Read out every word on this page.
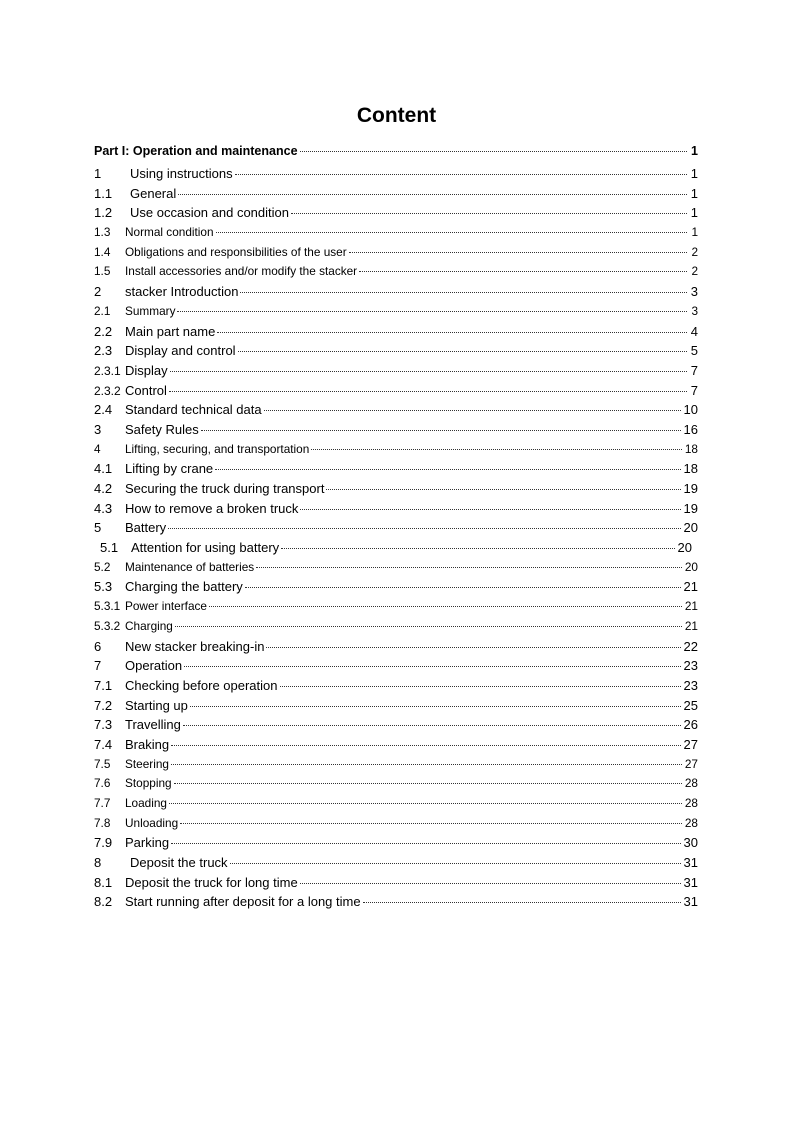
Content
Part I: Operation and maintenance	1
1	Using instructions	1
1.1	General	1
1.2	Use occasion and condition	1
1.3	Normal condition	1
1.4	Obligations and responsibilities of the user	2
1.5	Install accessories and/or modify the stacker	2
2	stacker Introduction	3
2.1	Summary	3
2.2 Main part name	4
2.3 Display and control	5
2.3.1 Display	7
2.3.2 Control	7
2.4 Standard technical data	10
3	Safety Rules	16
4	Lifting, securing, and transportation	18
4.1 Lifting by crane	18
4.2 Securing the truck during transport	19
4.3 How to remove a broken truck	19
5	Battery	20
5.1 Attention for using battery	20
5.2	Maintenance of batteries	20
5.3 Charging the battery	21
5.3.1 Power interface	21
5.3.2 Charging	21
6	New stacker breaking-in	22
7	Operation	23
7.1 Checking before operation	23
7.2 Starting up	25
7.3 Travelling	26
7.4 Braking	27
7.5	Steering	27
7.6	Stopping	28
7.7	Loading	28
7.8	Unloading	28
7.9 Parking	30
8	Deposit the truck	31
8.1 Deposit the truck for long time	31
8.2 Start running after deposit for a long time	31
